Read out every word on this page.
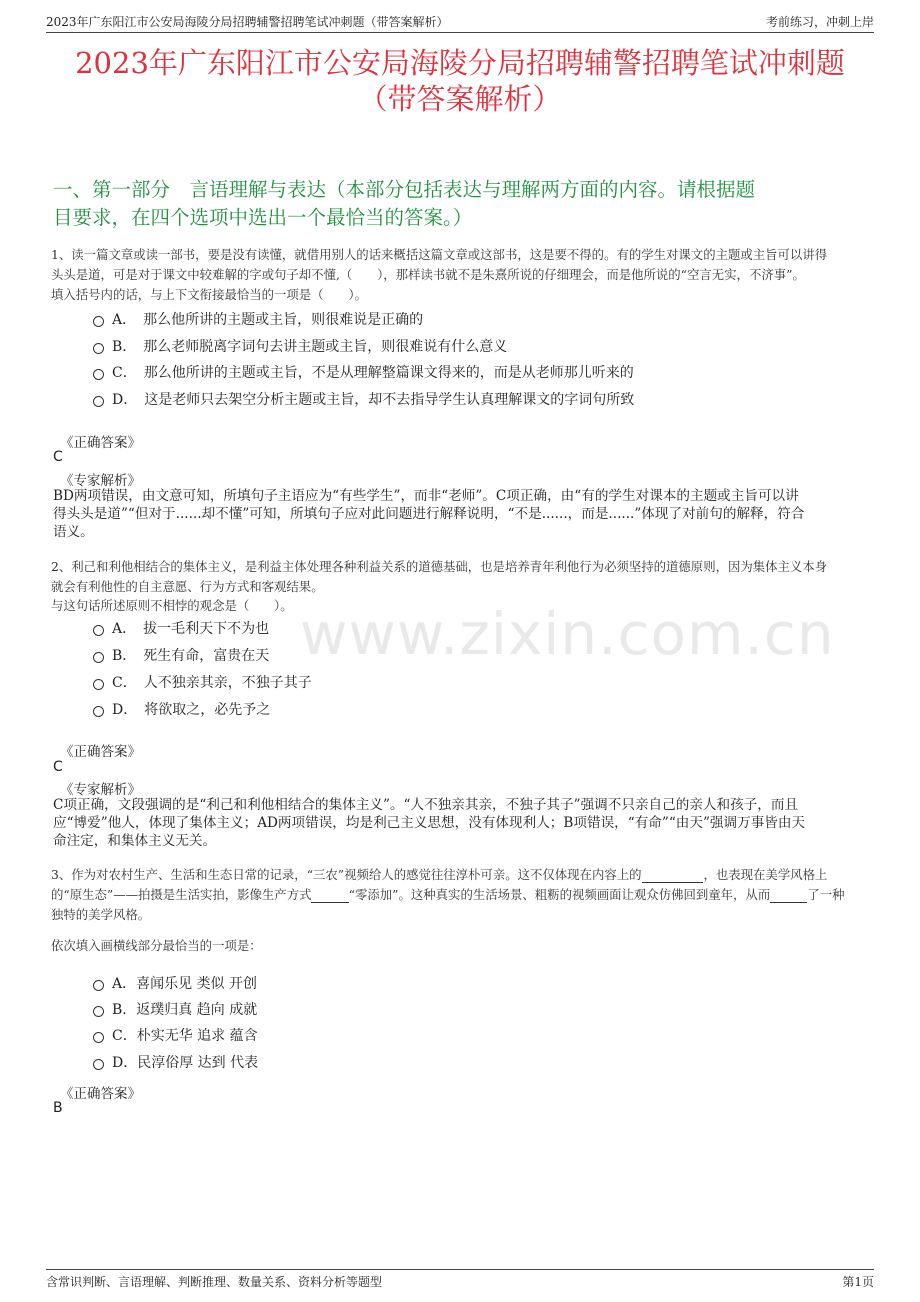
2023年广东阳江市公安局海陵分局招聘辅警招聘笔试冲刺题（带答案解析）	考前练习，冲刺上岸
2023年广东阳江市公安局海陵分局招聘辅警招聘笔试冲刺题
（带答案解析）
一、第一部分　言语理解与表达（本部分包括表达与理解两方面的内容。请根据题
目要求，在四个选项中选出一个最恰当的答案。）
www.zixin.com.cn
1、读一篇文章或读一部书，要是没有读懂，就借用别人的话来概括这篇文章或这部书，这是要不得的。有的学生对课文的主题或主旨可以讲得
头头是道，可是对于课文中较难解的字或句子却不懂,（　　），那样读书就不是朱熹所说的仔细理会，而是他所说的“空言无实，不济事”。
填入括号内的话，与上下文衔接最恰当的一项是（　　）。
A．　那么他所讲的主题或主旨，则很难说是正确的
B．　那么老师脱离字词句去讲主题或主旨，则很难说有什么意义
C．　那么他所讲的主题或主旨，不是从理解整篇课文得来的，而是从老师那儿听来的
D．　这是老师只去架空分析主题或主旨，却不去指导学生认真理解课文的字词句所致
《正确答案》
C
《专家解析》
BD两项错误，由文意可知，所填句子主语应为“有些学生”，而非“老师”。C项正确，由“有的学生对课本的主题或主旨可以讲
得头头是道”“但对于......却不懂”可知，所填句子应对此问题进行解释说明，“不是......，而是......”体现了对前句的解释，符合
语义。
2、利己和利他相结合的集体主义，是利益主体处理各种利益关系的道德基础，也是培养青年利他行为必须坚持的道德原则，因为集体主义本身
就会有利他性的自主意愿、行为方式和客观结果。
与这句话所述原则不相悖的观念是（　　）。
A．　拔一毛利天下不为也
B．　死生有命，富贵在天
C．　人不独亲其亲，不独子其子
D．　将欲取之，必先予之
《正确答案》
C
《专家解析》
C项正确，文段强调的是“利己和利他相结合的集体主义”。“人不独亲其亲，不独子其子”强调不只亲自己的亲人和孩子，而且
应“博爱”他人，体现了集体主义；AD两项错误，均是利己主义思想，没有体现利人；B项错误，“有命”“由天”强调万事皆由天
命注定，和集体主义无关。
3、作为对农村生产、生活和生态日常的记录，“三农”视频给人的感觉往往淳朴可亲。这不仅体现在内容上的　　　　　	，也表现在美学风格上
的“原生态”——拍摄是生活实拍，影像生产方式　　　	“零添加”。这种真实的生活场景、粗粝的视频画面让观众仿佛回到童年，从而　　　	了一种
独特的美学风格。
依次填入画横线部分最恰当的一项是：
A．喜闻乐见 类似 开创
B．返璞归真 趋向 成就
C．朴实无华 追求 蕴含
D．民淳俗厚 达到 代表
《正确答案》
B
含常识判断、言语理解、判断推理、数量关系、资料分析等题型	第1页
